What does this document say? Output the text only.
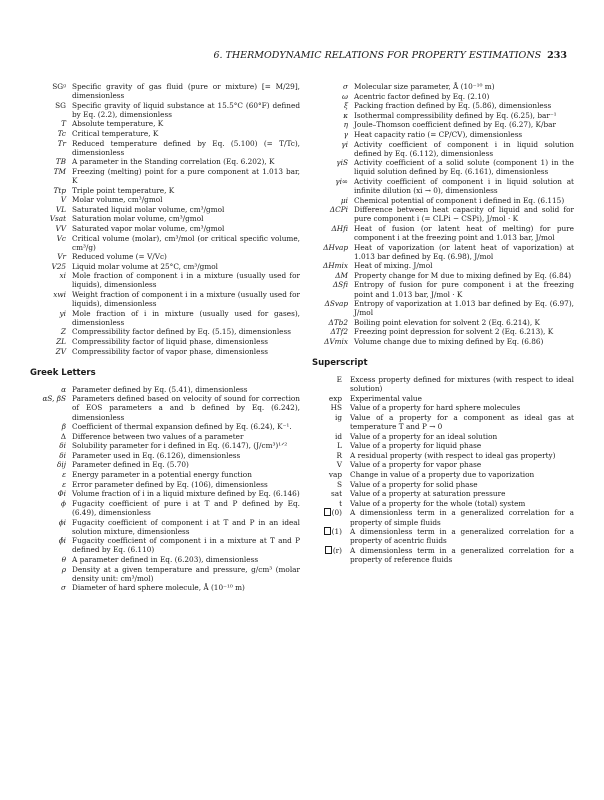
6. THERMODYNAMIC RELATIONS FOR PROPERTY ESTIMATIONS 233
SGᵍ Specific gravity of gas fluid (pure or mixture) [= M/29], dimensionless
SG Specific gravity of liquid substance at 15.5°C (60°F) defined by Eq. (2.2), dimensionless
T Absolute temperature, K
Tc Critical temperature, K
Tr Reduced temperature defined by Eq. (5.100) (= T/Tc), dimensionless
TB A parameter in the Standing correlation (Eq. 6.202), K
TM Freezing (melting) point for a pure component at 1.013 bar, K
Ttp Triple point temperature, K
V Molar volume, cm³/gmol
VL Saturated liquid molar volume, cm³/gmol
Vsat Saturation molar volume, cm³/gmol
VV Saturated vapor molar volume, cm³/gmol
Vc Critical volume (molar), cm³/mol (or critical specific volume, cm³/g)
Vr Reduced volume (= V/Vc)
V25 Liquid molar volume at 25°C, cm³/gmol
xi Mole fraction of component i in a mixture (usually used for liquids), dimensionless
xwi Weight fraction of component i in a mixture (usually used for liquids), dimensionless
yi Mole fraction of i in mixture (usually used for gases), dimensionless
Z Compressibility factor defined by Eq. (5.15), dimensionless
ZL Compressibility factor of liquid phase, dimensionless
ZV Compressibility factor of vapor phase, dimensionless
Greek Letters
α Parameter defined by Eq. (5.41), dimensionless
αS, βS Parameters defined based on velocity of sound for correction of EOS parameters a and b defined by Eq. (6.242), dimensionless
β Coefficient of thermal expansion defined by Eq. (6.24), K⁻¹.
Δ Difference between two values of a parameter
δi Solubility parameter for i defined in Eq. (6.147), (J/cm³)¹ᐟ²
δi Parameter used in Eq. (6.126), dimensionless
δij Parameter defined in Eq. (5.70)
ε Energy parameter in a potential energy function
ε Error parameter defined by Eq. (106), dimensionless
Φi Volume fraction of i in a liquid mixture defined by Eq. (6.146)
ϕ Fugacity coefficient of pure i at T and P defined by Eq. (6.49), dimensionless
ϕi Fugacity coefficient of component i at T and P in an ideal solution mixture, dimensionless
ϕ̂i Fugacity coefficient of component i in a mixture at T and P defined by Eq. (6.110)
θ A parameter defined in Eq. (6.203), dimensionless
ρ Density at a given temperature and pressure, g/cm³ (molar density unit: cm³/mol)
σ Diameter of hard sphere molecule, Å (10⁻¹⁰ m)
σ Molecular size parameter, Å (10⁻¹⁰ m)
ω Acentric factor defined by Eq. (2.10)
ξ Packing fraction defined by Eq. (5.86), dimensionless
κ Isothermal compressibility defined by Eq. (6.25), bar⁻¹
η Joule–Thomson coefficient defined by Eq. (6.27), K/bar
γ Heat capacity ratio (= CP/CV), dimensionless
γi Activity coefficient of component i in liquid solution defined by Eq. (6.112), dimensionless
γiS Activity coefficient of a solid solute (component 1) in the liquid solution defined by Eq. (6.161), dimensionless
γi∞ Activity coefficient of component i in liquid solution at infinite dilution (xi → 0), dimensionless
μi Chemical potential of component i defined in Eq. (6.115)
ΔCPi Difference between heat capacity of liquid and solid for pure component i (= CLPi − CSPi), J/mol · K
ΔHfi Heat of fusion (or latent heat of melting) for pure component i at the freezing point and 1.013 bar, J/mol
ΔHvap Heat of vaporization (or latent heat of vaporization) at 1.013 bar defined by Eq. (6.98), J/mol
ΔHmix Heat of mixing. J/mol
ΔM Property change for M due to mixing defined by Eq. (6.84)
ΔSfi Entropy of fusion for pure component i at the freezing point and 1.013 bar, J/mol · K
ΔSvap Entropy of vaporization at 1.013 bar defined by Eq. (6.97), J/mol
ΔTb2 Boiling point elevation for solvent 2 (Eq. 6.214), K
ΔTf2 Freezing point depression for solvent 2 (Eq. 6.213), K
ΔVmix Volume change due to mixing defined by Eq. (6.86)
Superscript
E	Excess property defined for mixtures (with respect to ideal solution)
exp	Experimental value
HS	Value of a property for hard sphere molecules
ig	Value of a property for a component as ideal gas at temperature T and P → 0
id	Value of a property for an ideal solution
L	Value of a property for liquid phase
R	A residual property (with respect to ideal gas property)
V	Value of a property for vapor phase
vap	Change in value of a property due to vaporization
S	Value of a property for solid phase
sat	Value of a property at saturation pressure
t	Value of a property for the whole (total) system
(0)	A dimensionless term in a generalized correlation for a property of simple fluids
(1)	A dimensionless term in a generalized correlation for a property of acentric fluids
(r)	A dimensionless term in a generalized correlation for a property of reference fluids
